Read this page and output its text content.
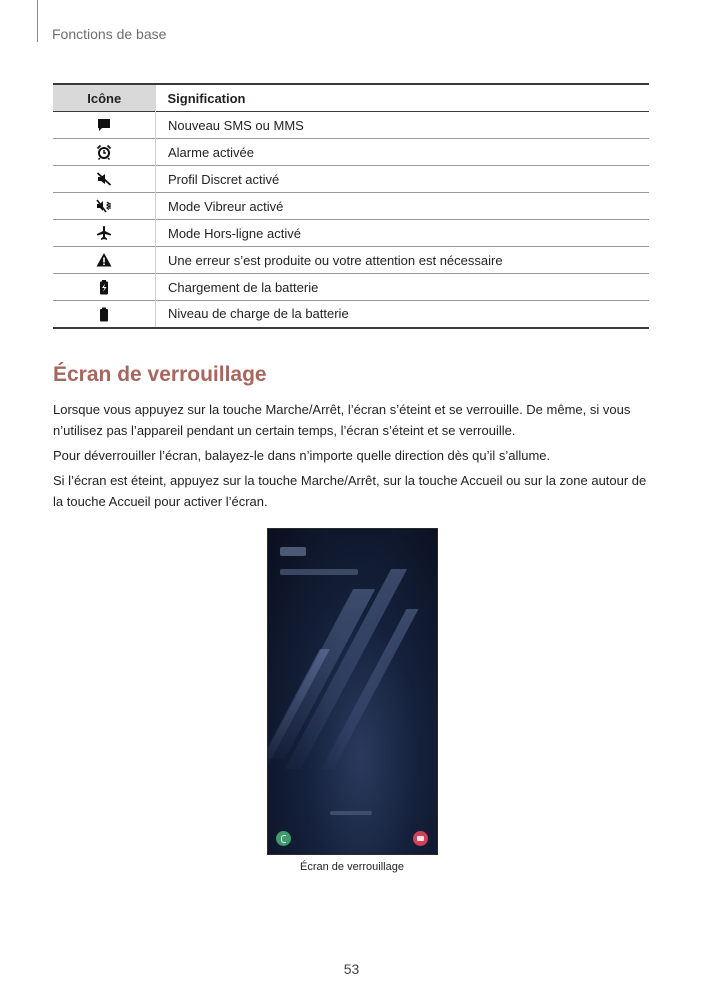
Fonctions de base
Icône	Signification

	Nouveau SMS ou MMS

	Alarme activée

	Profil Discret activé

	Mode Vibreur activé

	Mode Hors-ligne activé

	Une erreur s’est produite ou votre attention est nécessaire

	Chargement de la batterie

	Niveau de charge de la batterie
Écran de verrouillage

Lorsque vous appuyez sur la touche Marche/Arrêt, l’écran s’éteint et se verrouille. De même, si vous n’utilisez pas l’appareil pendant un certain temps, l’écran s’éteint et se verrouille.

Pour déverrouiller l’écran, balayez-le dans n’importe quelle direction dès qu’il s’allume.

Si l’écran est éteint, appuyez sur la touche Marche/Arrêt, sur la touche Accueil ou sur la zone autour de la touche Accueil pour activer l’écran.

Écran de verrouillage
53
